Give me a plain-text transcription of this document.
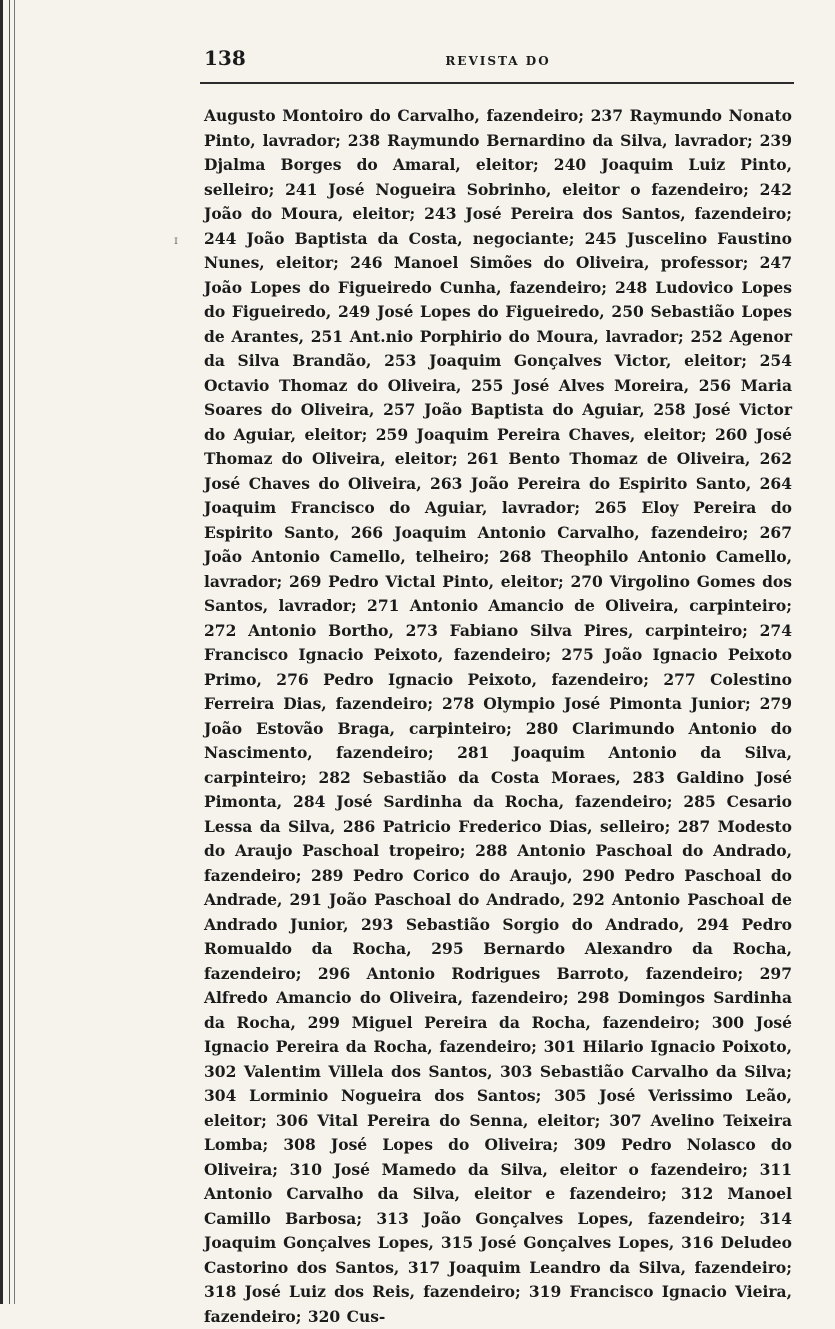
138	REVISTA DO
ɪ
Augusto Montoiro do Carvalho, fazendeiro; 237 Raymundo Nonato Pinto, lavrador; 238 Raymundo Bernardino da Silva, lavrador; 239 Djalma Borges do Amaral, eleitor; 240 Joaquim Luiz Pinto, selleiro; 241 José Nogueira Sobrinho, eleitor o fazendeiro; 242 João do Moura, eleitor; 243 José Pereira dos Santos, fazendeiro; 244 João Baptista da Costa, negociante; 245 Juscelino Faustino Nunes, eleitor; 246 Manoel Simões do Oliveira, professor; 247 João Lopes do Figueiredo Cunha, fazendeiro; 248 Ludovico Lopes do Figueiredo, 249 José Lopes do Figueiredo, 250 Sebastião Lopes de Arantes, 251 Ant.nio Porphirio do Moura, lavrador; 252 Agenor da Silva Brandão, 253 Joaquim Gonçalves Victor, eleitor; 254 Octavio Thomaz do Oliveira, 255 José Alves Moreira, 256 Maria Soares do Oliveira, 257 João Baptista do Aguiar, 258 José Victor do Aguiar, eleitor; 259 Joaquim Pereira Chaves, eleitor; 260 José Thomaz do Oliveira, eleitor; 261 Bento Thomaz de Oliveira, 262 José Chaves do Oliveira, 263 João Pereira do Espirito Santo, 264 Joaquim Francisco do Aguiar, lavrador; 265 Eloy Pereira do Espirito Santo, 266 Joaquim Antonio Carvalho, fazendeiro; 267 João Antonio Camello, telheiro; 268 Theophilo Antonio Camello, lavrador; 269 Pedro Victal Pinto, eleitor; 270 Virgolino Gomes dos Santos, lavrador; 271 Antonio Amancio de Oliveira, carpinteiro; 272 Antonio Bortho, 273 Fabiano Silva Pires, carpinteiro; 274 Francisco Ignacio Peixoto, fazendeiro; 275 João Ignacio Peixoto Primo, 276 Pedro Ignacio Peixoto, fazendeiro; 277 Colestino Ferreira Dias, fazendeiro; 278 Olympio José Pimonta Junior; 279 João Estovão Braga, carpinteiro; 280 Clarimundo Antonio do Nascimento, fazendeiro; 281 Joaquim Antonio da Silva, carpinteiro; 282 Sebastião da Costa Moraes, 283 Galdino José Pimonta, 284 José Sardinha da Rocha, fazendeiro; 285 Cesario Lessa da Silva, 286 Patricio Frederico Dias, selleiro; 287 Modesto do Araujo Paschoal tropeiro; 288 Antonio Paschoal do Andrado, fazendeiro; 289 Pedro Corico do Araujo, 290 Pedro Paschoal do Andrade, 291 João Paschoal do Andrado, 292 Antonio Paschoal de Andrado Junior, 293 Sebastião Sorgio do Andrado, 294 Pedro Romualdo da Rocha, 295 Bernardo Alexandro da Rocha, fazendeiro; 296 Antonio Rodrigues Barroto, fazendeiro; 297 Alfredo Amancio do Oliveira, fazendeiro; 298 Domingos Sardinha da Rocha, 299 Miguel Pereira da Rocha, fazendeiro; 300 José Ignacio Pereira da Rocha, fazendeiro; 301 Hilario Ignacio Poixoto, 302 Valentim Villela dos Santos, 303 Sebastião Carvalho da Silva; 304 Lorminio Nogueira dos Santos; 305 José Verissimo Leão, eleitor; 306 Vital Pereira do Senna, eleitor; 307 Avelino Teixeira Lomba; 308 José Lopes do Oliveira; 309 Pedro Nolasco do Oliveira; 310 José Mamedo da Silva, eleitor o fazendeiro; 311 Antonio Carvalho da Silva, eleitor e fazendeiro; 312 Manoel Camillo Barbosa; 313 João Gonçalves Lopes, fazendeiro; 314 Joaquim Gonçalves Lopes, 315 José Gonçalves Lopes, 316 Deludeo Castorino dos Santos, 317 Joaquim Leandro da Silva, fazendeiro; 318 José Luiz dos Reis, fazendeiro; 319 Francisco Ignacio Vieira, fazendeiro; 320 Cus-
